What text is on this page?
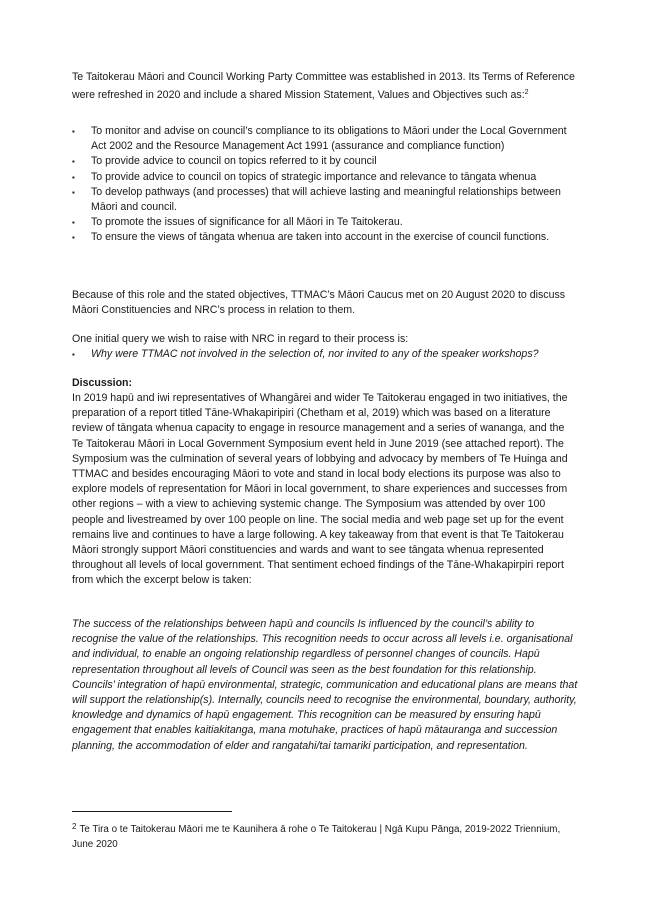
Te Taitokerau Māori and Council Working Party Committee was established in 2013. Its Terms of Reference were refreshed in 2020 and include a shared Mission Statement, Values and Objectives such as:$^2$

▪ To monitor and advise on council’s compliance to its obligations to Māori under the Local Government Act 2002 and the Resource Management Act 1991 (assurance and compliance function)
▪ To provide advice to council on topics referred to it by council
▪ To provide advice to council on topics of strategic importance and relevance to tāngata whenua
▪ To develop pathways (and processes) that will achieve lasting and meaningful relationships between Māori and council.
▪ To promote the issues of significance for all Māori in Te Taitokerau.
▪ To ensure the views of tāngata whenua are taken into account in the exercise of council functions.

Because of this role and the stated objectives, TTMAC’s Māori Caucus met on 20 August 2020 to discuss Māori Constituencies and NRC’s process in relation to them.

One initial query we wish to raise with NRC in regard to their process is:

▪ Why were TTMAC not involved in the selection of, nor invited to any of the speaker workshops?

Discussion:

In 2019 hapū and iwi representatives of Whangārei and wider Te Taitokerau engaged in two initiatives, the preparation of a report titled Tāne-Whakapiripiri (Chetham et al, 2019) which was based on a literature review of tāngata whenua capacity to engage in resource management and a series of wananga, and the Te Taitokerau Māori in Local Government Symposium event held in June 2019 (see attached report). The Symposium was the culmination of several years of lobbying and advocacy by members of Te Huinga and TTMAC and besides encouraging Māori to vote and stand in local body elections its purpose was also to explore models of representation for Māori in local government, to share experiences and successes from other regions – with a view to achieving systemic change. The Symposium was attended by over 100 people and livestreamed by over 100 people on line. The social media and web page set up for the event remains live and continues to have a large following. A key takeaway from that event is that Te Taitokerau Māori strongly support Māori constituencies and wards and want to see tāngata whenua represented throughout all levels of local government. That sentiment echoed findings of the Tāne-Whakapirpiri report from which the excerpt below is taken:

The success of the relationships between hapū and councils Is influenced by the council’s ability to recognise the value of the relationships. This recognition needs to occur across all levels i.e. organisational and individual, to enable an ongoing relationship regardless of personnel changes of councils. Hapū representation throughout all levels of Council was seen as the best foundation for this relationship. Councils’ integration of hapū environmental, strategic, communication and educational plans are means that will support the relationship(s). Internally, councils need to recognise the environmental, boundary, authority, knowledge and dynamics of hapū engagement. This recognition can be measured by ensuring hapū engagement that enables kaitiakitanga, mana motuhake, practices of hapū mātauranga and succession planning, the accommodation of elder and rangatahi/tai tamariki participation, and representation.

$^2$ Te Tira o te Taitokerau Māori me te Kaunihera ā rohe o Te Taitokerau | Ngā Kupu Pānga, 2019-2022 Triennium, June 2020
